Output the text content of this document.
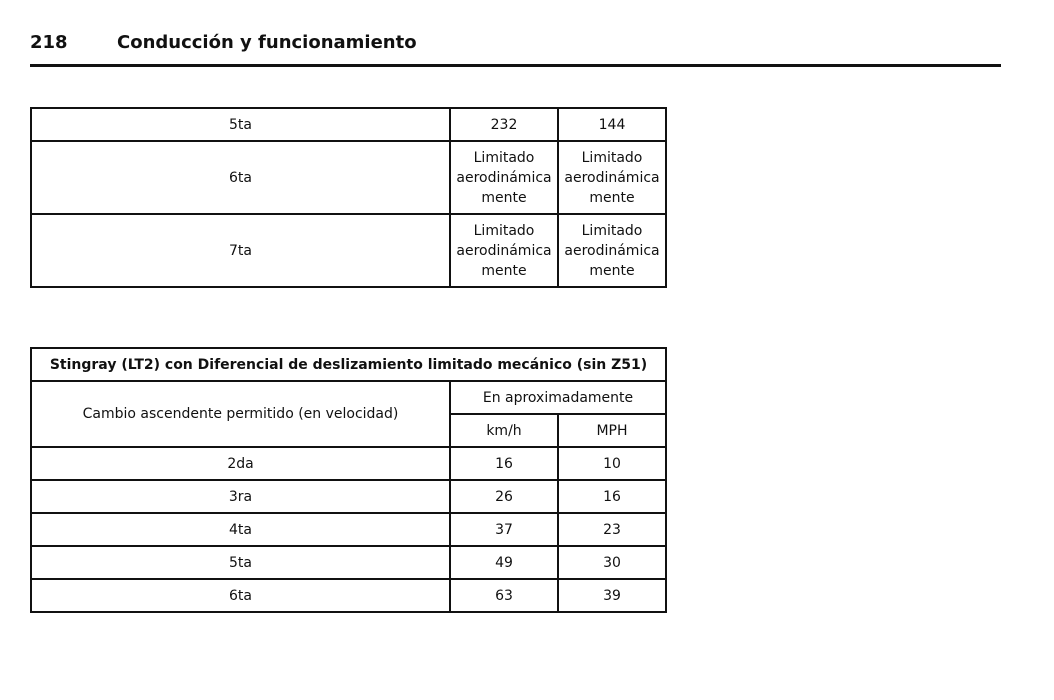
218	Conducción y funcionamiento
5ta	232	144
6ta	Limitado aerodinámica mente	Limitado aerodinámica mente
7ta	Limitado aerodinámica mente	Limitado aerodinámica mente
Stingray (LT2) con Diferencial de deslizamiento limitado mecánico (sin Z51)		
Cambio ascendente permitido (en velocidad)	En aproximadamente	
	km/h	MPH
2da	16	10
3ra	26	16
4ta	37	23
5ta	49	30
6ta	63	39
